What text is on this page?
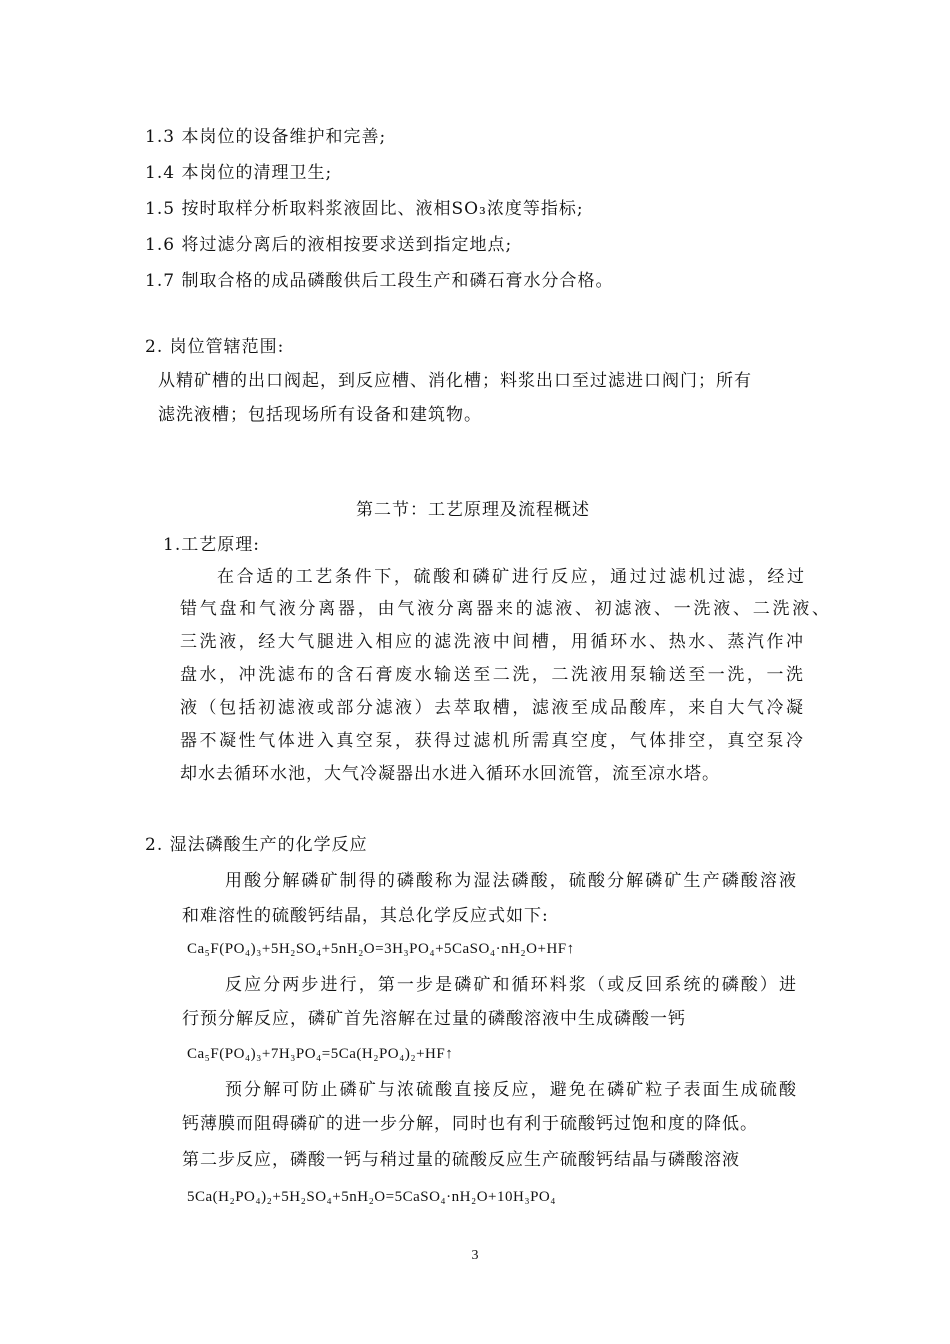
1.3 本岗位的设备维护和完善;
1.4 本岗位的清理卫生;
1.5 按时取样分析取料浆液固比、液相SO₃浓度等指标;
1.6 将过滤分离后的液相按要求送到指定地点;
1.7 制取合格的成品磷酸供后工段生产和磷石膏水分合格。
2. 岗位管辖范围:
从精矿槽的出口阀起，到反应槽、消化槽；料浆出口至过滤进口阀门；所有
滤洗液槽；包括现场所有设备和建筑物。
第二节：工艺原理及流程概述
1.工艺原理:
在合适的工艺条件下，硫酸和磷矿进行反应，通过过滤机过滤，经过
错气盘和气液分离器，由气液分离器来的滤液、初滤液、一洗液、二洗液、
三洗液，经大气腿进入相应的滤洗液中间槽，用循环水、热水、蒸汽作冲
盘水，冲洗滤布的含石膏废水输送至二洗，二洗液用泵输送至一洗，一洗
液（包括初滤液或部分滤液）去萃取槽，滤液至成品酸库，来自大气冷凝
器不凝性气体进入真空泵，获得过滤机所需真空度，气体排空，真空泵冷
却水去循环水池，大气冷凝器出水进入循环水回流管，流至凉水塔。
2. 湿法磷酸生产的化学反应
用酸分解磷矿制得的磷酸称为湿法磷酸，硫酸分解磷矿生产磷酸溶液
和难溶性的硫酸钙结晶，其总化学反应式如下:
Ca₅F(PO₄)₃+5H₂SO₄+5nH₂O=3H₃PO₄+5CaSO₄·nH₂O+HF↑
反应分两步进行，第一步是磷矿和循环料浆（或反回系统的磷酸）进
行预分解反应，磷矿首先溶解在过量的磷酸溶液中生成磷酸一钙
Ca₅F(PO₄)₃+7H₃PO₄=5Ca(H₂PO₄)₂+HF↑
预分解可防止磷矿与浓硫酸直接反应，避免在磷矿粒子表面生成硫酸
钙薄膜而阻碍磷矿的进一步分解，同时也有利于硫酸钙过饱和度的降低。
第二步反应，磷酸一钙与稍过量的硫酸反应生产硫酸钙结晶与磷酸溶液
5Ca(H₂PO₄)₂+5H₂SO₄+5nH₂O=5CaSO₄·nH₂O+10H₃PO₄
3
